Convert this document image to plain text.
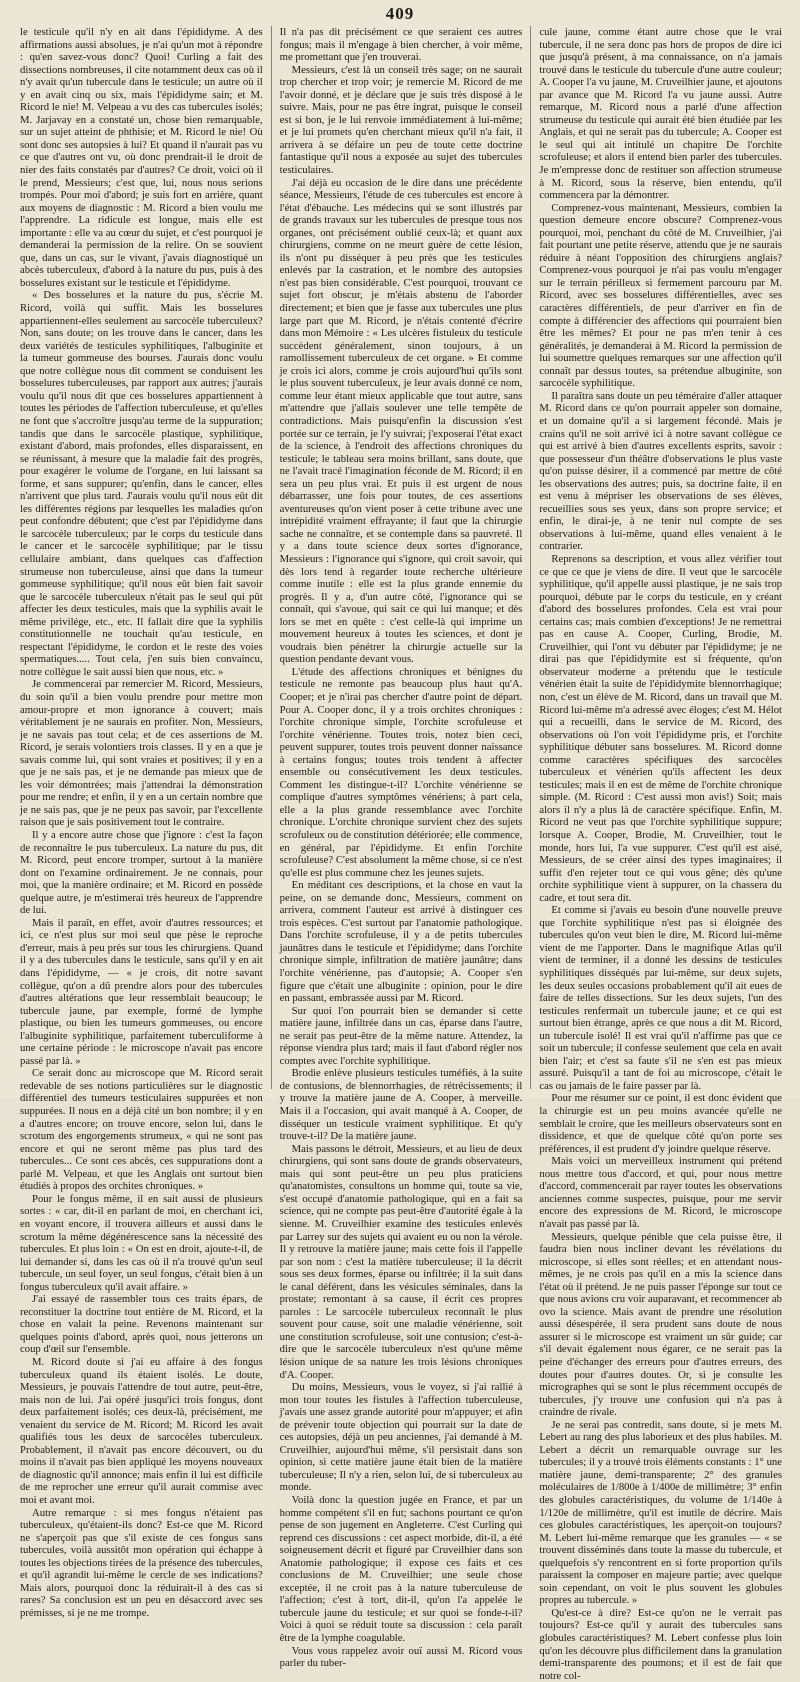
409

le testicule qu'il n'y en ait dans l'épididyme. A des affirmations aussi absolues, je n'ai qu'un mot à répondre : qu'en savez-vous donc? Quoi! Curling a fait des dissections nombreuses, il cite notamment deux cas où il n'y avait qu'un tubercule dans le testicule; un autre où il y en avait cinq ou six, mais l'épididyme sain; et M. Ricord le nie! M. Velpeau a vu des cas tubercules isolés; M. Jarjavay en a constaté un, chose bien remarquable, sur un sujet atteint de phthisie; et M. Ricord le nie! Où sont donc ses autopsies à lui? Et quand il n'aurait pas vu ce que d'autres ont vu, où donc prendrait-il le droit de nier des faits constatés par d'autres? Ce droit, voici où il le prend, Messieurs; c'est que, lui, nous nous serions trompés. Pour moi d'abord; je suis fort en arrière, quant aux moyens de diagnostic : M. Ricord a bien voulu me l'apprendre. La ridicule est longue, mais elle est importante : elle va au cœur du sujet, et c'est pourquoi je demanderai la permission de la relire. On se souvient que, dans un cas, sur le vivant, j'avais diagnostiqué un abcès tuberculeux, d'abord à la nature du pus, puis à des bosselures existant sur le testicule et l'épididyme.

« Des bosselures et la nature du pus, s'écrie M. Ricord, voilà qui suffit. Mais les bosselures appartiennent-elles seulement au sarcocèle tuberculeux? Non, sans doute; on les trouve dans le cancer, dans les deux variétés de testicules syphilitiques, l'albuginite et la tumeur gommeuse des bourses. J'aurais donc voulu que notre collègue nous dit comment se conduisent les bosselures tuberculeuses, par rapport aux autres; j'aurais voulu qu'il nous dit que ces bosselures appartiennent à toutes les périodes de l'affection tuberculeuse, et qu'elles ne font que s'accroître jusqu'au terme de la suppuration; tandis que dans le sarcocèle plastique, syphilitique, existant d'abord, mais profondes, elles disparaissent, en se réunissant, à mesure que la maladie fait des progrès, pour exagérer le volume de l'organe, en lui laissant sa forme, et sans suppurer; qu'enfin, dans le cancer, elles n'arrivent que plus tard. J'aurais voulu qu'il nous eût dit les différentes régions par lesquelles les maladies qu'on peut confondre débutent; que c'est par l'épididyme dans le sarcocèle tuberculeux; par le corps du testicule dans le cancer et le sarcocèle syphilitique; par le tissu cellulaire ambiant, dans quelques cas d'affection strumeuse non tuberculeuse, ainsi que dans la tumeur gommeuse syphilitique; qu'il nous eût bien fait savoir que le sarcocèle tuberculeux n'était pas le seul qui pût affecter les deux testicules, mais que la syphilis avait le même privilége, etc., etc. Il fallait dire que la syphilis constitutionnelle ne touchait qu'au testicule, en respectant l'épididyme, le cordon et le reste des voies spermatiques..... Tout cela, j'en suis bien convaincu, notre collègue le sait aussi bien que nous, etc. »

Je commencerai par remercier M. Ricord, Messieurs, du soin qu'il a bien voulu prendre pour mettre mon amour-propre et mon ignorance à couvert; mais véritablement je ne saurais en profiter. Non, Messieurs, je ne savais pas tout cela; et de ces assertions de M. Ricord, je serais volontiers trois classes. Il y en a que je savais comme lui, qui sont vraies et positives; il y en a que je ne sais pas, et je ne demande pas mieux que de les voir démontrées; mais j'attendrai la démonstration pour me rendre; et enfin, il y en a un certain nombre que je ne sais pas, que je ne peux pas savoir, par l'excellente raison que je sais positivement tout le contraire.

Il y a encore autre chose que j'ignore : c'est la façon de reconnaître le pus tuberculeux. La nature du pus, dit M. Ricord, peut encore tromper, surtout à la manière dont on l'examine ordinairement. Je ne connais, pour moi, que la manière ordinaire; et M. Ricord en possède quelque autre, je m'estimerai très heureux de l'apprendre de lui.

Mais il paraît, en effet, avoir d'autres ressources; et ici, ce n'est plus sur moi seul que pèse le reproche d'erreur, mais à peu près sur tous les chirurgiens. Quand il y a des tubercules dans le testicule, sans qu'il y en ait dans l'épididyme, — « je crois, dit notre savant collègue, qu'on a dû prendre alors pour des tubercules d'autres altérations que leur ressemblait beaucoup; le tubercule jaune, par exemple, formé de lymphe plastique, ou bien les tumeurs gommeuses, ou encore l'albuginite syphilitique, parfaitement tuberculiforme à une certaine période : le microscope n'avait pas encore passé par là. »

Ce serait donc au microscope que M. Ricord serait redevable de ses notions particulières sur le diagnostic différentiel des tumeurs testiculaires suppurées et non suppurées. Il nous en a déjà cité un bon nombre; il y en a d'autres encore; on trouve encore, selon lui, dans le scrotum des engorgements strumeux, « qui ne sont pas encore et qui ne seront même pas plus tard des tubercules... Ce sont ces abcès, ces suppurations dont a parlé M. Velpeau, et que les Anglais ont surtout bien étudiés à propos des orchites chroniques. »

Pour le fongus même, il en sait aussi de plusieurs sortes : « car, dit-il en parlant de moi, en cherchant ici, en voyant encore, il trouvera ailleurs et aussi dans le scrotum la même dégénérescence sans la nécessité des tubercules. Et plus loin : « On est en droit, ajoute-t-il, de lui demander si, dans les cas où il n'a trouvé qu'un seul tubercule, un seul foyer, un seul fongus, c'était bien à un fongus tuberculeux qu'il avait affaire. »

J'ai essayé de rassembler tous ces traits épars, de reconstituer la doctrine tout entière de M. Ricord, et la chose en valait la peine. Revenons maintenant sur quelques points d'abord, après quoi, nous jetterons un coup d'œil sur l'ensemble.

M. Ricord doute si j'ai eu affaire à des fongus tuberculeux quand ils étaient isolés. Le doute, Messieurs, je pouvais l'attendre de tout autre, peut-être, mais non de lui. J'ai opéré jusqu'ici trois fongus, dont deux parfaitement isolés; ces deux-là, précisément, me venaient du service de M. Ricord; M. Ricord les avait qualifiés tous les deux de sarcocèles tuberculeux. Probablement, il n'avait pas encore découvert, ou du moins il n'avait pas bien appliqué les moyens nouveaux de diagnostic qu'il annonce; mais enfin il lui est difficile de me reprocher une erreur qu'il aurait commise avec moi et avant moi.

Autre remarque : si mes fongus n'étaient pas tuberculeux, qu'étaient-ils donc? Est-ce que M. Ricord ne s'aperçoit pas que s'il existe de ces fongus sans tubercules, voilà aussitôt mon opération qui échappe à toutes les objections tirées de la présence des tubercules, et qu'il agrandit lui-même le cercle de ses indications? Mais alors, pourquoi donc la réduirait-il à des cas si rares? Sa conclusion est un peu en désaccord avec ses prémisses, si je ne me trompe.

Il n'a pas dit précisément ce que seraient ces autres fongus; mais il m'engage à bien chercher, à voir même, me promettant que j'en trouverai.

Messieurs, c'est là un conseil très sage; on ne saurait trop chercher et trop voir; je remercie M. Ricord de me l'avoir donné, et je déclare que je suis très disposé à le suivre. Mais, pour ne pas être ingrat, puisque le conseil est si bon, je le lui renvoie immédiatement à lui-même; et je lui promets qu'en cherchant mieux qu'il n'a fait, il arrivera à se défaire un peu de toute cette doctrine fantastique qu'il nous a exposée au sujet des tubercules testiculaires.

J'ai déjà eu occasion de le dire dans une précédente séance, Messieurs, l'étude de ces tubercules est encore à l'état d'ébauche. Les médecins qui se sont illustrés par de grands travaux sur les tubercules de presque tous nos organes, ont précisément oublié ceux-là; et quant aux chirurgiens, comme on ne meurt guère de cette lésion, ils n'ont pu disséquer à peu près que les testicules enlevés par la castration, et le nombre des autopsies n'est pas bien considérable. C'est pourquoi, trouvant ce sujet fort obscur, je m'étais abstenu de l'aborder directement; et bien que je fasse aux tubercules une plus large part que M. Ricord, je n'étais contenté d'écrire dans mon Mémoire : « Les ulcères fistuleux du testicule succèdent généralement, sinon toujours, à un ramollissement tuberculeux de cet organe. » Et comme je crois ici alors, comme je crois aujourd'hui qu'ils sont le plus souvent tuberculeux, je leur avais donné ce nom, comme leur étant mieux applicable que tout autre, sans m'attendre que j'allais soulever une telle tempête de contradictions. Mais puisqu'enfin la discussion s'est portée sur ce terrain, je l'y suivrai; j'exposerai l'état exact de la science, à l'endroit des affections chroniques du testicule; le tableau sera moins brillant, sans doute, que ne l'avait tracé l'imagination féconde de M. Ricord; il en sera un peu plus vrai. Et puis il est urgent de nous débarrasser, une fois pour toutes, de ces assertions aventureuses qu'on vient poser à cette tribune avec une intrépidité vraiment effrayante; il faut que la chirurgie sache ne connaître, et se contemple dans sa pauvreté. Il y a dans toute science deux sortes d'ignorance, Messieurs : l'ignorance qui s'ignore, qui croit savoir, qui dès lors tend à regarder toute recherche ultérieure comme inutile : elle est la plus grande ennemie du progrès. Il y a, d'un autre côté, l'ignorance qui se connaît, qui s'avoue, qui sait ce qui lui manque; et dès lors se met en quête : c'est celle-là qui imprime un mouvement heureux à toutes les sciences, et dont je voudrais bien pénétrer la chirurgie actuelle sur la question pendante devant vous.

L'étude des affections chroniques et bénignes du testicule ne remonte pas beaucoup plus haut qu'A. Cooper; et je n'irai pas chercher d'autre point de départ. Pour A. Cooper donc, il y a trois orchites chroniques : l'orchite chronique simple, l'orchite scrofuleuse et l'orchite vénérienne. Toutes trois, notez bien ceci, peuvent suppurer, toutes trois peuvent donner naissance à certains fongus; toutes trois tendent à affecter ensemble ou consécutivement les deux testicules. Comment les distingue-t-il? L'orchite vénérienne se complique d'autres symptômes vénériens; à part cela, elle a la plus grande ressemblance avec l'orchite chronique. L'orchite chronique survient chez des sujets scrofuleux ou de constitution détériorée; elle commence, en général, par l'épididyme. Et enfin l'orchite scrofuleuse? C'est absolument la même chose, si ce n'est qu'elle est plus commune chez les jeunes sujets.

En méditant ces descriptions, et la chose en vaut la peine, on se demande donc, Messieurs, comment on arrivera, comment l'auteur est arrivé à distinguer ces trois espèces. C'est surtout par l'anatomie pathologique. Dans l'orchite scrofuleuse, il y a de petits tubercules jaunâtres dans le testicule et l'épididyme; dans l'orchite chronique simple, infiltration de matière jaunâtre; dans l'orchite vénérienne, pas d'autopsie; A. Cooper s'en figure que c'était une albuginite : opinion, pour le dire en passant, embrassée aussi par M. Ricord.

Sur quoi l'on pourrait bien se demander si cette matière jaune, infiltrée dans un cas, éparse dans l'autre, ne serait pas peut-être de la même nature. Attendez, la réponse viendra plus tard; mais il faut d'abord régler nos comptes avec l'orchite syphilitique.

Brodie enlève plusieurs testicules tuméfiés, à la suite de contusions, de blennorrhagies, de rétrécissements; il y trouve la matière jaune de A. Cooper, à merveille. Mais il a l'occasion, qui avait manqué à A. Cooper, de disséquer un testicule vraiment syphilitique. Et qu'y trouve-t-il? De la matière jaune.

Mais passons le détroit, Messieurs, et au lieu de deux chirurgiens, qui sont sans doute de grands observateurs, mais qui sont peut-être un peu plus praticiens qu'anatomistes, consultons un homme qui, toute sa vie, s'est occupé d'anatomie pathologique, qui en a fait sa science, qui ne compte pas peut-être d'autorité égale à la sienne. M. Cruveilhier examine des testicules enlevés par Larrey sur des sujets qui avaient eu ou non la vérole. Il y retrouve la matière jaune; mais cette fois il l'appelle par son nom : c'est la matière tuberculeuse; il la décrit sous ses deux formes, éparse ou infiltrée; il la suit dans le canal déférent, dans les vésicules séminales, dans la prostate; remontant à sa cause, il écrit ces propres paroles : Le sarcocèle tuberculeux reconnaît le plus souvent pour cause, soit une maladie vénérienne, soit une constitution scrofuleuse, soit une contusion; c'est-à-dire que le sarcocèle tuberculeux n'est qu'une même lésion unique de sa nature les trois lésions chroniques d'A. Cooper.

Du moins, Messieurs, vous le voyez, si j'ai rallié à mon tour toutes les fistules à l'affection tuberculeuse, j'avais une assez grande autorité pour m'appuyer; et afin de prévenir toute objection qui pourrait sur la date de ces autopsies, déjà un peu anciennes, j'ai demandé à M. Cruveilhier, aujourd'hui même, s'il persistait dans son opinion, si cette matière jaune était bien de la matière tuberculeuse; Il n'y a rien, selon lui, de si tuberculeux au monde.

Voilà donc la question jugée en France, et par un homme compétent s'il en fut; sachons pourtant ce qu'on pense de son jugement en Angleterre. C'est Curling qui reprend ces discussions : cet aspect morbide, dit-il, a été soigneusement décrit et figuré par Cruveilhier dans son Anatomie pathologique; il expose ces faits et ces conclusions de M. Cruveilhier; une seule chose exceptée, il ne croit pas à la nature tuberculeuse de l'affection; c'est à tort, dit-il, qu'on l'a appelée le tubercule jaune du testicule; et sur quoi se fonde-t-il? Voici à quoi se réduit toute sa discussion : cela paraît être de la lymphe coagulable.

Vous vous rappelez avoir ouï aussi M. Ricord vous parler du tuber-

cule jaune, comme étant autre chose que le vrai tubercule, il ne sera donc pas hors de propos de dire ici que jusqu'à présent, à ma connaissance, on n'a jamais trouvé dans le testicule du tubercule d'une autre couleur; A. Cooper l'a vu jaune, M. Cruveilhier jaune, et ajoutons par avance que M. Ricord l'a vu jaune aussi. Autre remarque, M. Ricord nous a parlé d'une affection strumeuse du testicule qui aurait été bien étudiée par les Anglais, et qui ne serait pas du tubercule; A. Cooper est le seul qui ait intitulé un chapitre De l'orchite scrofuleuse; et alors il entend bien parler des tubercules. Je m'empresse donc de restituer son affection strumeuse à M. Ricord, sous la réserve, bien entendu, qu'il commencera par la démontrer.

Comprenez-vous maintenant, Messieurs, combien la question demeure encore obscure? Comprenez-vous pourquoi, moi, penchant du côté de M. Cruveilhier, j'ai fait pourtant une petite réserve, attendu que je ne saurais réduire à néant l'opposition des chirurgiens anglais? Comprenez-vous pourquoi je n'ai pas voulu m'engager sur le terrain périlleux si fermement parcouru par M. Ricord, avec ses bosselures différentielles, avec ses caractères différentiels, de peur d'arriver en fin de compte à différencier des affections qui pourraient bien être les mêmes? Et pour ne pas m'en tenir à ces généralités, je demanderai à M. Ricord la permission de lui soumettre quelques remarques sur une affection qu'il connaît par dessus toutes, sa prétendue albuginite, son sarcocèle syphilitique.

Il paraîtra sans doute un peu téméraire d'aller attaquer M. Ricord dans ce qu'on pourrait appeler son domaine, et un domaine qu'il a si largement fécondé. Mais je crains qu'il ne soit arrivé ici à notre savant collègue ce qui est arrivé à bien d'autres excellents esprits, savoir : que possesseur d'un théâtre d'observations le plus vaste qu'on puisse désirer, il a commencé par mettre de côté les observations des autres; puis, sa doctrine faite, il en est venu à mépriser les observations de ses élèves, recueillies sous ses yeux, dans son propre service; et enfin, le dirai-je, à ne tenir nul compte de ses observations à lui-même, quand elles venaient à le contrarier.

Reprenons sa description, et vous allez vérifier tout ce que ce que je viens de dire. Il veut que le sarcocèle syphilitique, qu'il appelle aussi plastique, je ne sais trop pourquoi, débute par le corps du testicule, en y créant d'abord des bosselures profondes. Cela est vrai pour certains cas; mais combien d'exceptions! Je ne remettrai pas en cause A. Cooper, Curling, Brodie, M. Cruveilhier, qui l'ont vu débuter par l'épididyme; je ne dirai pas que l'épididymite est si fréquente, qu'on observateur moderne a prétendu que le testicule vénérien était la suite de l'épididymite blennorrhagique; non, c'est un élève de M. Ricord, dans un travail que M. Ricord lui-même m'a adressé avec éloges; c'est M. Hélot qui a recueilli, dans le service de M. Ricord, des observations où l'on voit l'épididyme pris, et l'orchite syphilitique débuter sans bosselures. M. Ricord donne comme caractères spécifiques des sarcocèles tuberculeux et vénérien qu'ils affectent les deux testicules; mais il en est de même de l'orchite chronique simple. (M. Ricord : C'est aussi mon avis!) Soit; mais alors il n'y a plus là de caractère spécifique. Enfin, M. Ricord ne veut pas que l'orchite syphilitique suppure; lorsque A. Cooper, Brodie, M. Cruveilhier, tout le monde, hors lui, l'a vue suppurer. C'est qu'il est aisé, Messieurs, de se créer ainsi des types imaginaires; il suffit d'en rejeter tout ce qui vous gêne; dès qu'une orchite syphilitique vient à suppurer, on la chassera du cadre, et tout sera dit.

Et comme si j'avais eu besoin d'une nouvelle preuve que l'orchite syphilitique n'est pas si éloignée des tubercules qu'on veut bien le dire, M. Ricord lui-même vient de me l'apporter. Dans le magnifique Atlas qu'il vient de terminer, il a donné les dessins de testicules syphilitiques disséqués par lui-même, sur deux sujets, les deux seules occasions probablement qu'il ait eues de faire de telles dissections. Sur les deux sujets, l'un des testicules renfermait un tubercule jaune; et ce qui est surtout bien étrange, après ce que nous a dit M. Ricord, un tubercule isolé! Il est vrai qu'il n'affirme pas que ce soit un tubercule; il confesse seulement que cela en avait bien l'air; et c'est sa faute s'il ne s'en est pas mieux assuré. Puisqu'il a tant de foi au microscope, c'était le cas ou jamais de le faire passer par là.

Pour me résumer sur ce point, il est donc évident que la chirurgie est un peu moins avancée qu'elle ne semblait le croire, que les meilleurs observateurs sont en dissidence, et que de quelque côté qu'on porte ses préférences, il est prudent d'y joindre quelque réserve.

Mais voici un merveilleux instrument qui prétend nous mettre tous d'accord, et qui, pour nous mettre d'accord, commencerait par rayer toutes les observations anciennes comme suspectes, puisque, pour me servir encore des expressions de M. Ricord, le microscope n'avait pas passé par là.

Messieurs, quelque pénible que cela puisse être, il faudra bien nous incliner devant les révélations du microscope, si elles sont réelles; et en attendant nous-mêmes, je ne crois pas qu'il en a mis la science dans l'état où il prétend. Je ne puis passer l'éponge sur tout ce que nous avions cru voir auparavant, et recommencer ab ovo la science. Mais avant de prendre une résolution aussi désespérée, il sera prudent sans doute de nous assurer si le microscope est vraiment un sûr guide; car s'il devait également nous égarer, ce ne serait pas la peine d'échanger des erreurs pour d'autres erreurs, des doutes pour d'autres doutes. Or, si je consulte les micrographes qui se sont le plus récemment occupés de tubercules, j'y trouve une confusion qui n'a pas à craindre de rivale.

Je ne serai pas contredit, sans doute, si je mets M. Lebert au rang des plus laborieux et des plus habiles. M. Lebert a décrit un remarquable ouvrage sur les tubercules; il y a trouvé trois éléments constants : 1° une matière jaune, demi-transparente; 2° des granules moléculaires de 1/800e à 1/400e de millimètre; 3° enfin des globules caractéristiques, du volume de 1/140e à 1/120e de millimètre, qu'il est inutile de décrire. Mais ces globules caractéristiques, les aperçoit-on toujours? M. Lebert lui-même remarque que les granules — « se trouvent disséminés dans toute la masse du tubercule, et quelquefois s'y rencontrent en si forte proportion qu'ils paraissent la composer en majeure partie; avec quelque soin cependant, on voit le plus souvent les globules propres au tubercule. »

Qu'est-ce à dire? Est-ce qu'on ne le verrait pas toujours? Est-ce qu'il y aurait des tubercules sans globules caractéristiques? M. Lebert confesse plus loin qu'on les découvre plus difficilement dans la granulation demi-transparente des poumons; et il est de fait que notre col-
